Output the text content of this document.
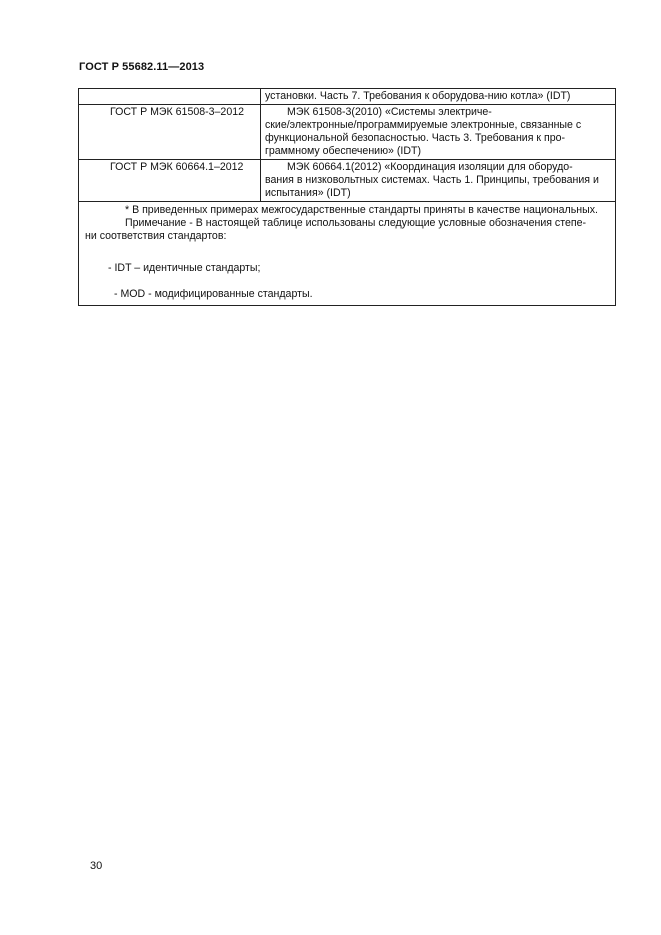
ГОСТ Р 55682.11—2013
	установки. Часть 7. Требования к оборудова-нию котла» (IDT)
ГОСТ Р МЭК 61508-3–2012	МЭК 61508-3(2010) «Системы электриче-
ские/электронные/программируемые электронные, связанные с функциональной безопасностью. Часть 3. Требования к про-граммному обеспечению» (IDT)
ГОСТ Р МЭК 60664.1–2012	МЭК 60664.1(2012) «Координация изоляции для оборудо-
вания в низковольтных системах. Часть 1. Принципы, требования и испытания» (IDT)

* В приведенных примерах межгосударственные стандарты приняты в качестве национальных.
Примечание - В настоящей таблице использованы следующие условные обозначения степе-
ни соответствия стандартов:
- IDT – идентичные стандарты;
- MOD - модифицированные стандарты.	
30
